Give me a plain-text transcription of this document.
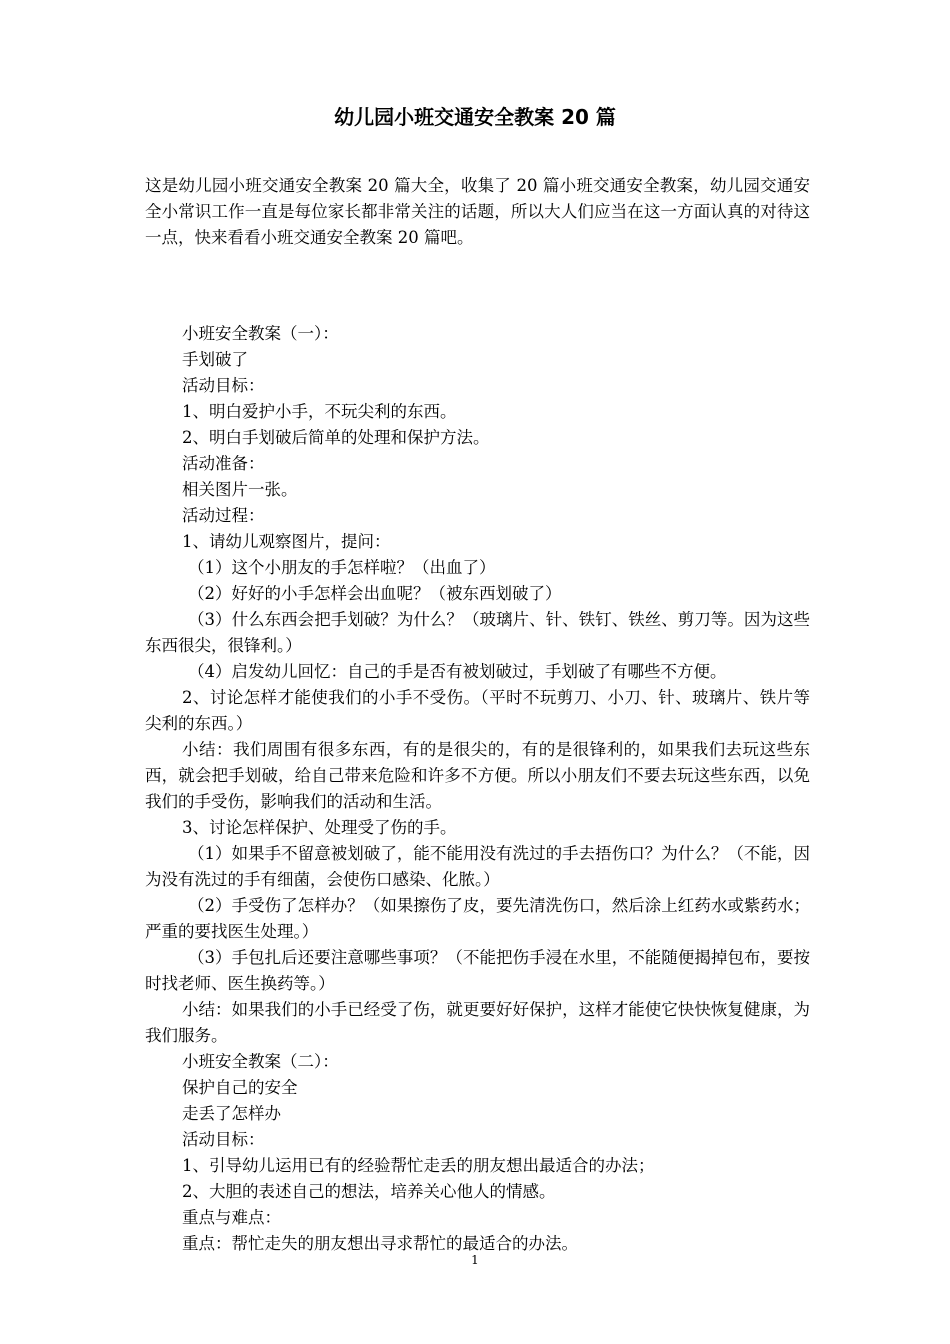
幼儿园小班交通安全教案 20 篇
这是幼儿园小班交通安全教案 20 篇大全，收集了 20 篇小班交通安全教案，幼儿园交通安全小常识工作一直是每位家长都非常关注的话题，所以大人们应当在这一方面认真的对待这一点，快来看看小班交通安全教案 20 篇吧。

小班安全教案（一）：

手划破了

活动目标：

1、明白爱护小手，不玩尖利的东西。

2、明白手划破后简单的处理和保护方法。

活动准备：

相关图片一张。

活动过程：

1、请幼儿观察图片，提问：

（1）这个小朋友的手怎样啦？（出血了）

（2）好好的小手怎样会出血呢？（被东西划破了）

（3）什么东西会把手划破？为什么？（玻璃片、针、铁钉、铁丝、剪刀等。因为这些东西很尖，很锋利。）

（4）启发幼儿回忆：自己的手是否有被划破过，手划破了有哪些不方便。

2、讨论怎样才能使我们的小手不受伤。（平时不玩剪刀、小刀、针、玻璃片、铁片等尖利的东西。）

小结：我们周围有很多东西，有的是很尖的，有的是很锋利的，如果我们去玩这些东西，就会把手划破，给自己带来危险和许多不方便。所以小朋友们不要去玩这些东西，以免我们的手受伤，影响我们的活动和生活。

3、讨论怎样保护、处理受了伤的手。

（1）如果手不留意被划破了，能不能用没有洗过的手去捂伤口？为什么？（不能，因为没有洗过的手有细菌，会使伤口感染、化脓。）

（2）手受伤了怎样办？（如果擦伤了皮，要先清洗伤口，然后涂上红药水或紫药水；严重的要找医生处理。）

（3）手包扎后还要注意哪些事项？（不能把伤手浸在水里，不能随便揭掉包布，要按时找老师、医生换药等。）

小结：如果我们的小手已经受了伤，就更要好好保护，这样才能使它快快恢复健康，为我们服务。

小班安全教案（二）：

保护自己的安全

走丢了怎样办

活动目标：

1、引导幼儿运用已有的经验帮忙走丢的朋友想出最适合的办法；

2、大胆的表述自己的想法，培养关心他人的情感。

重点与难点：

重点：帮忙走失的朋友想出寻求帮忙的最适合的办法。

1
